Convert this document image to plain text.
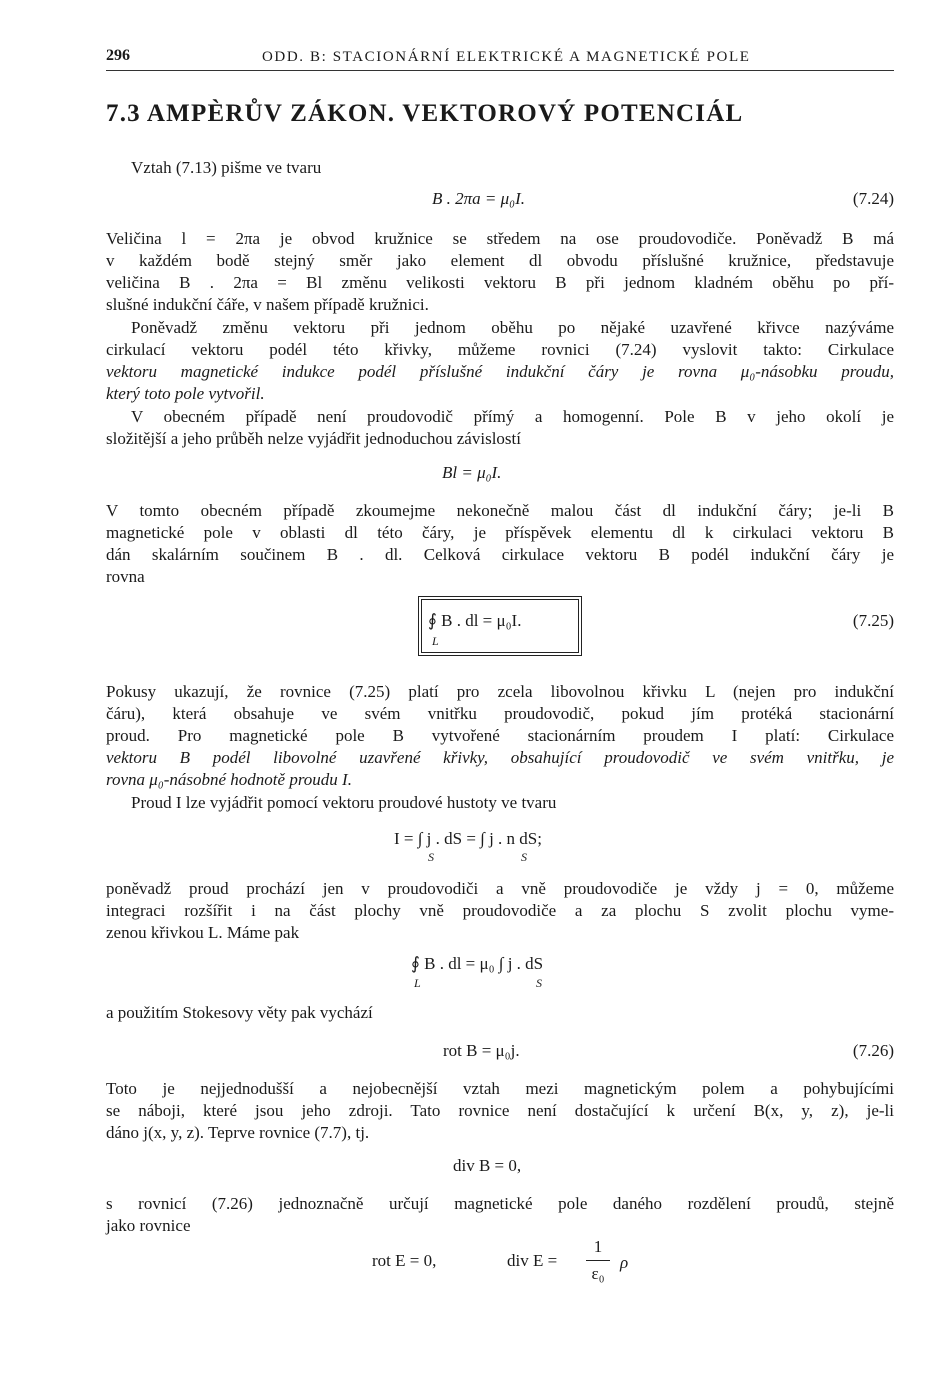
296	ODD. B: STACIONÁRNÍ ELEKTRICKÉ A MAGNETICKÉ POLE
7.3 AMPÈRŮV ZÁKON. VEKTOROVÝ POTENCIÁL
Vztah (7.13) pišme ve tvaru
B . 2πa = μ₀I.	(7.24)
Veličina l = 2πa je obvod kružnice se středem na ose proudovodiče. Poněvadž B má
v každém bodě stejný směr jako element dl obvodu příslušné kružnice, představuje
veličina B . 2πa = Bl změnu velikosti vektoru B při jednom kladném oběhu po pří-
slušné indukční čáře, v našem případě kružnici.
Poněvadž změnu vektoru při jednom oběhu po nějaké uzavřené křivce nazýváme
cirkulací vektoru podél této křivky, můžeme rovnici (7.24) vyslovit takto: Cirkulace
vektoru magnetické indukce podél příslušné indukční čáry je rovna μ₀-násobku proudu,
který toto pole vytvořil.
V obecném případě není proudovodič přímý a homogenní. Pole B v jeho okolí je
složitější a jeho průběh nelze vyjádřit jednoduchou závislostí
Bl = μ₀I.
V tomto obecném případě zkoumejme nekonečně malou část dl indukční čáry; je-li B
magnetické pole v oblasti dl této čáry, je příspěvek elementu dl k cirkulaci vektoru B
dán skalárním součinem B . dl. Celková cirkulace vektoru B podél indukční čáry je
rovna
∮ B . dl = μ₀I.
L
(7.25)
Pokusy ukazují, že rovnice (7.25) platí pro zcela libovolnou křivku L (nejen pro indukční
čáru), která obsahuje ve svém vnitřku proudovodič, pokud jím protéká stacionární
proud. Pro magnetické pole B vytvořené stacionárním proudem I platí: Cirkulace
vektoru B podél libovolné uzavřené křivky, obsahující proudovodič ve svém vnitřku, je
rovna μ₀-násobné hodnotě proudu I.
Proud I lze vyjádřit pomocí vektoru proudové hustoty ve tvaru
I = ∫ j . dS = ∫ j . n dS;
S	S
poněvadž proud prochází jen v proudovodiči a vně proudovodiče je vždy j = 0, můžeme
integraci rozšířit i na část plochy vně proudovodiče a za plochu S zvolit plochu vyme-
zenou křivkou L. Máme pak
∮ B . dl = μ₀ ∫ j . dS
L	S
a použitím Stokesovy věty pak vychází
rot B = μ₀j.	(7.26)
Toto je nejjednodušší a nejobecnější vztah mezi magnetickým polem a pohybujícími
se náboji, které jsou jeho zdroji. Tato rovnice není dostačující k určení B(x, y, z), je-li
dáno j(x, y, z). Teprve rovnice (7.7), tj.
div B = 0,
s rovnicí (7.26) jednoznačně určují magnetické pole daného rozdělení proudů, stejně
jako rovnice
rot E = 0,	div E =
1
ε₀
ρ
